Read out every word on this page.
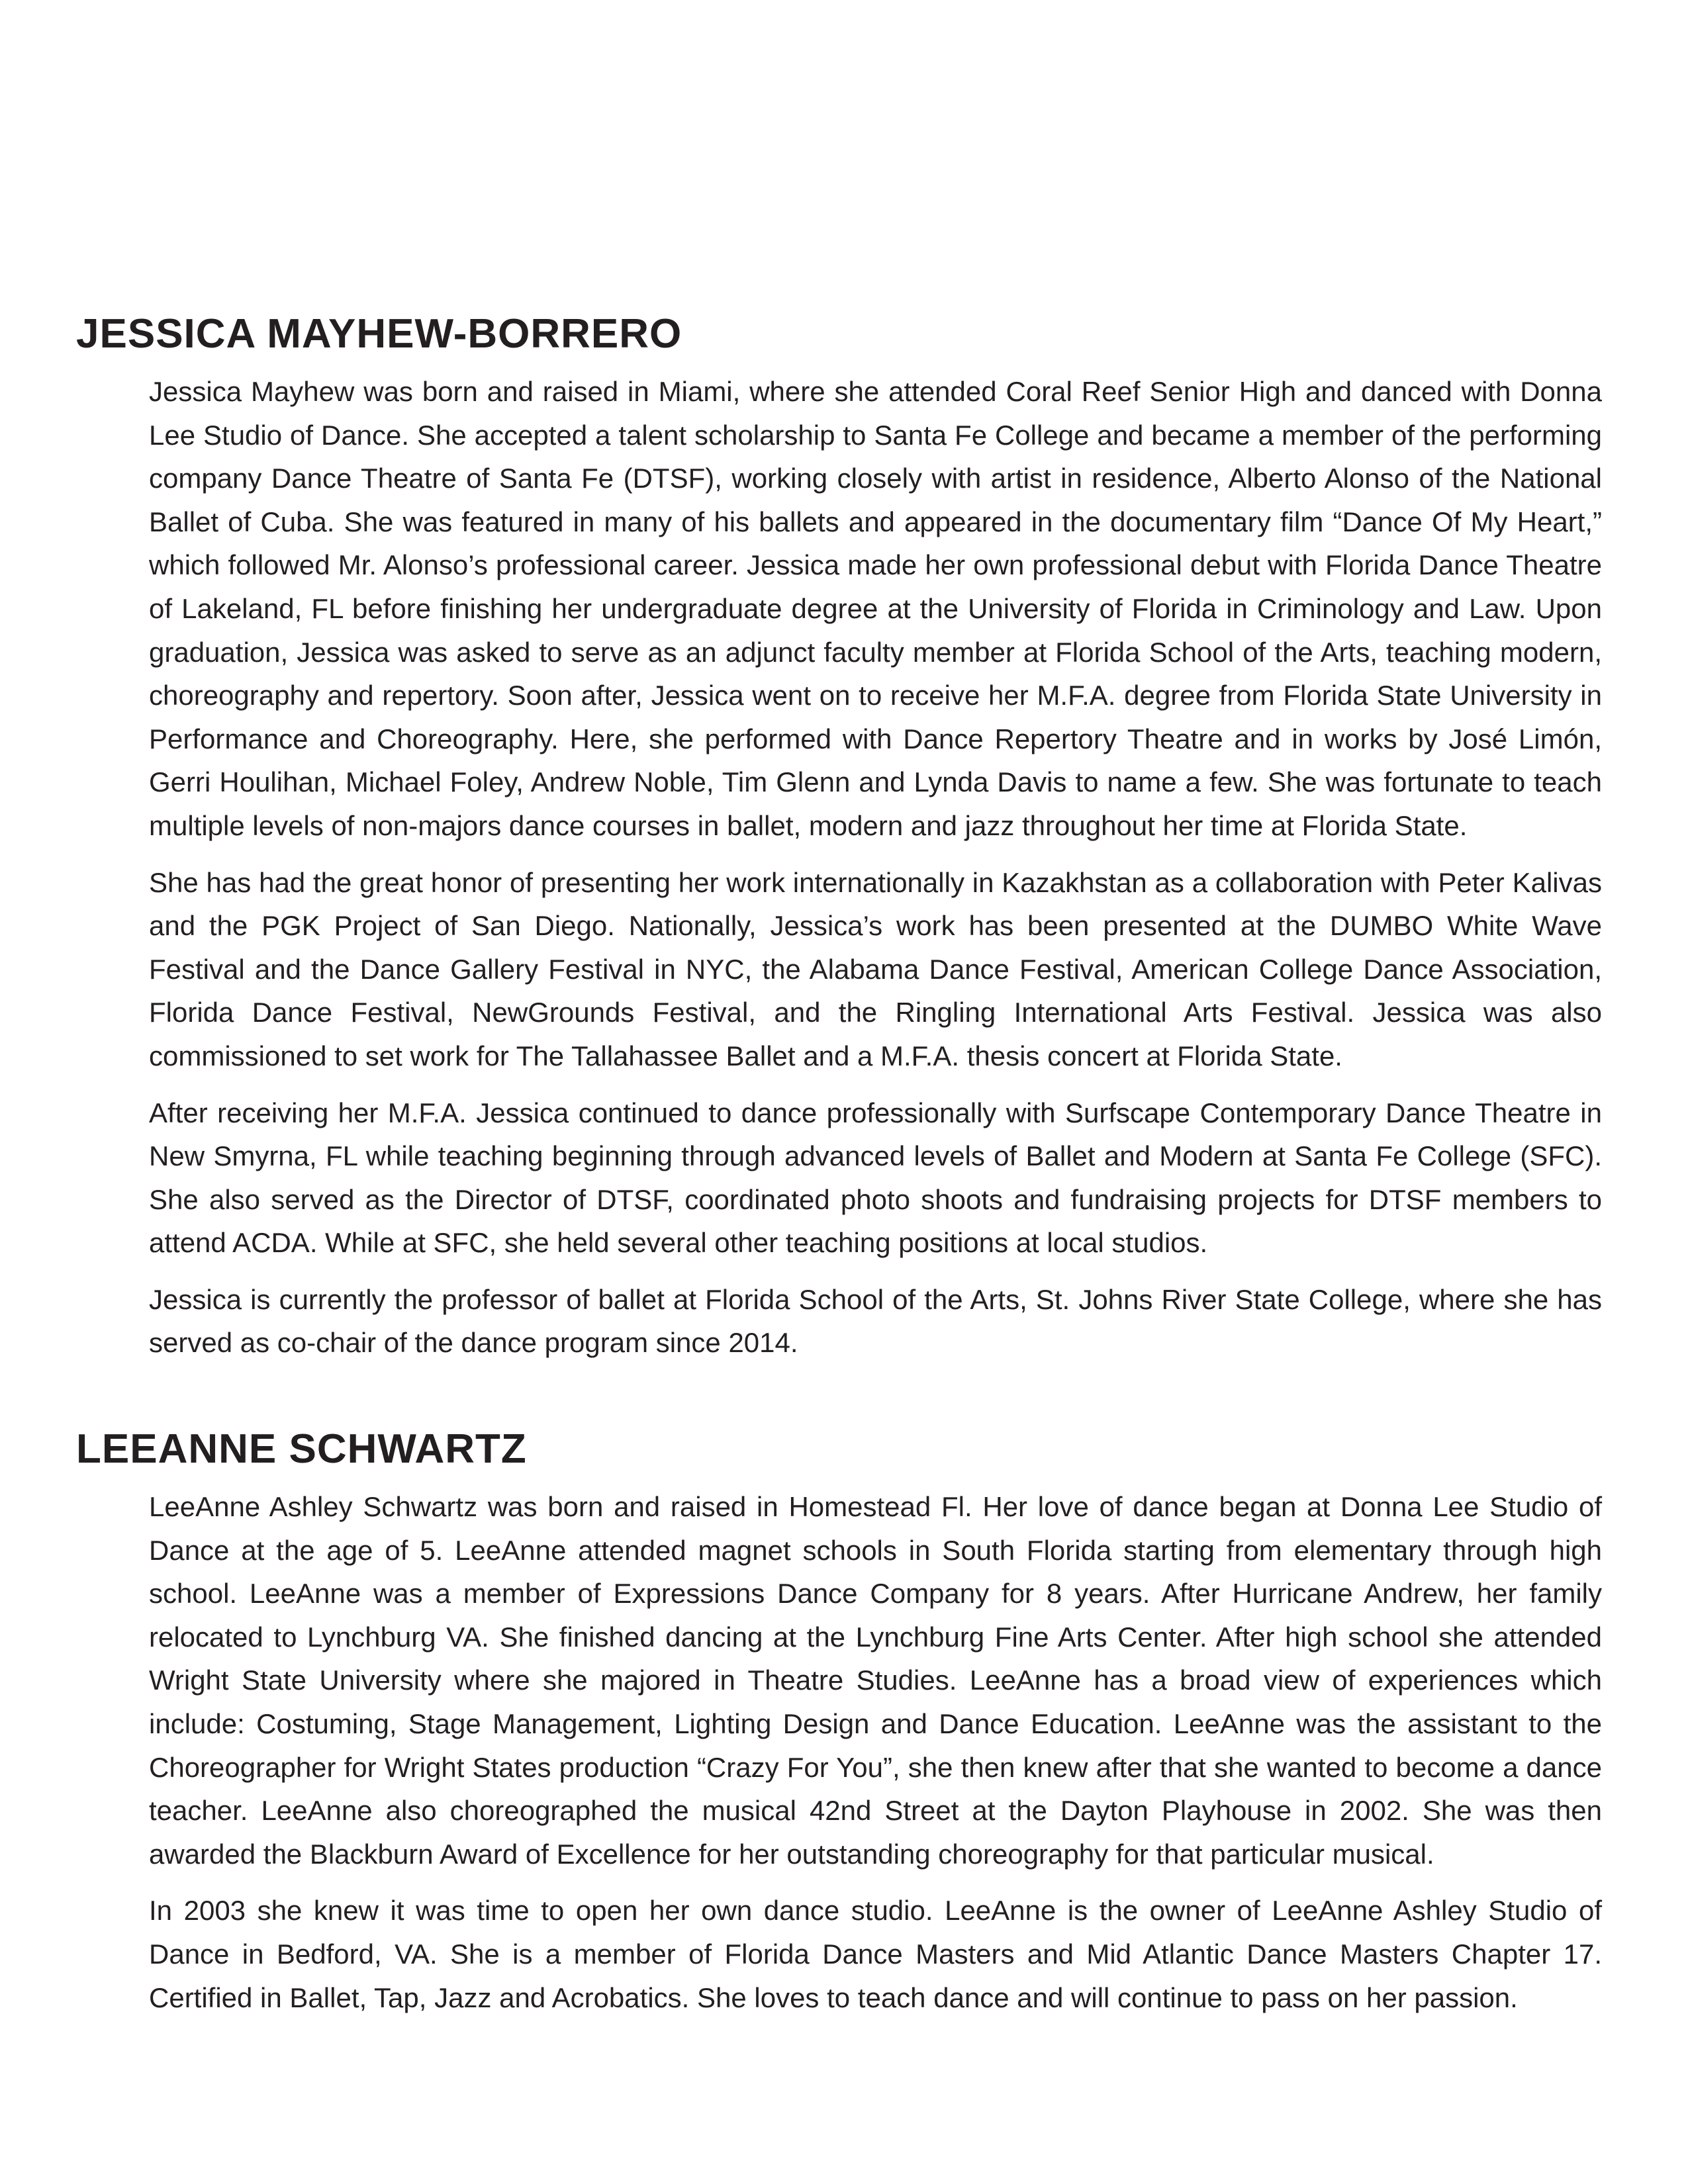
JESSICA MAYHEW-BORRERO

Jessica Mayhew was born and raised in Miami, where she attended Coral Reef Senior High and danced with Donna Lee Studio of Dance. She accepted a talent scholarship to Santa Fe College and became a member of the performing company Dance Theatre of Santa Fe (DTSF), working closely with artist in residence, Alberto Alonso of the National Ballet of Cuba. She was featured in many of his ballets and appeared in the documentary film “Dance Of My Heart,” which followed Mr. Alonso’s professional career. Jessica made her own professional debut with Florida Dance Theatre of Lakeland, FL before finishing her undergraduate degree at the University of Florida in Criminology and Law. Upon graduation, Jessica was asked to serve as an adjunct faculty member at Florida School of the Arts, teaching modern, choreography and repertory. Soon after, Jessica went on to receive her M.F.A. degree from Florida State University in Performance and Choreography. Here, she performed with Dance Repertory Theatre and in works by José Limón, Gerri Houlihan, Michael Foley, Andrew Noble, Tim Glenn and Lynda Davis to name a few. She was fortunate to teach multiple levels of non-majors dance courses in ballet, modern and jazz throughout her time at Florida State.

She has had the great honor of presenting her work internationally in Kazakhstan as a collaboration with Peter Kalivas and the PGK Project of San Diego. Nationally, Jessica’s work has been presented at the DUMBO White Wave Festival and the Dance Gallery Festival in NYC, the Alabama Dance Festival, American College Dance Association, Florida Dance Festival, NewGrounds Festival, and the Ringling International Arts Festival. Jessica was also commissioned to set work for The Tallahassee Ballet and a M.F.A. thesis concert at Florida State.

After receiving her M.F.A. Jessica continued to dance professionally with Surfscape Contemporary Dance Theatre in New Smyrna, FL while teaching beginning through advanced levels of Ballet and Modern at Santa Fe College (SFC). She also served as the Director of DTSF, coordinated photo shoots and fundraising projects for DTSF members to attend ACDA. While at SFC, she held several other teaching positions at local studios.

Jessica is currently the professor of ballet at Florida School of the Arts, St. Johns River State College, where she has served as co-chair of the dance program since 2014.

LEEANNE SCHWARTZ

LeeAnne Ashley Schwartz was born and raised in Homestead Fl. Her love of dance began at Donna Lee Studio of Dance at the age of 5. LeeAnne attended magnet schools in South Florida starting from elementary through high school. LeeAnne was a member of Expressions Dance Company for 8 years. After Hurricane Andrew, her family relocated to Lynchburg VA. She finished dancing at the Lynchburg Fine Arts Center. After high school she attended Wright State University where she majored in Theatre Studies. LeeAnne has a broad view of experiences which include: Costuming, Stage Management, Lighting Design and Dance Education. LeeAnne was the assistant to the Choreographer for Wright States production “Crazy For You”, she then knew after that she wanted to become a dance teacher. LeeAnne also choreographed the musical 42nd Street at the Dayton Playhouse in 2002. She was then awarded the Blackburn Award of Excellence for her outstanding choreography for that particular musical.

In 2003 she knew it was time to open her own dance studio. LeeAnne is the owner of LeeAnne Ashley Studio of Dance in Bedford, VA. She is a member of Florida Dance Masters and Mid Atlantic Dance Masters Chapter 17. Certified in Ballet, Tap, Jazz and Acrobatics. She loves to teach dance and will continue to pass on her passion.
